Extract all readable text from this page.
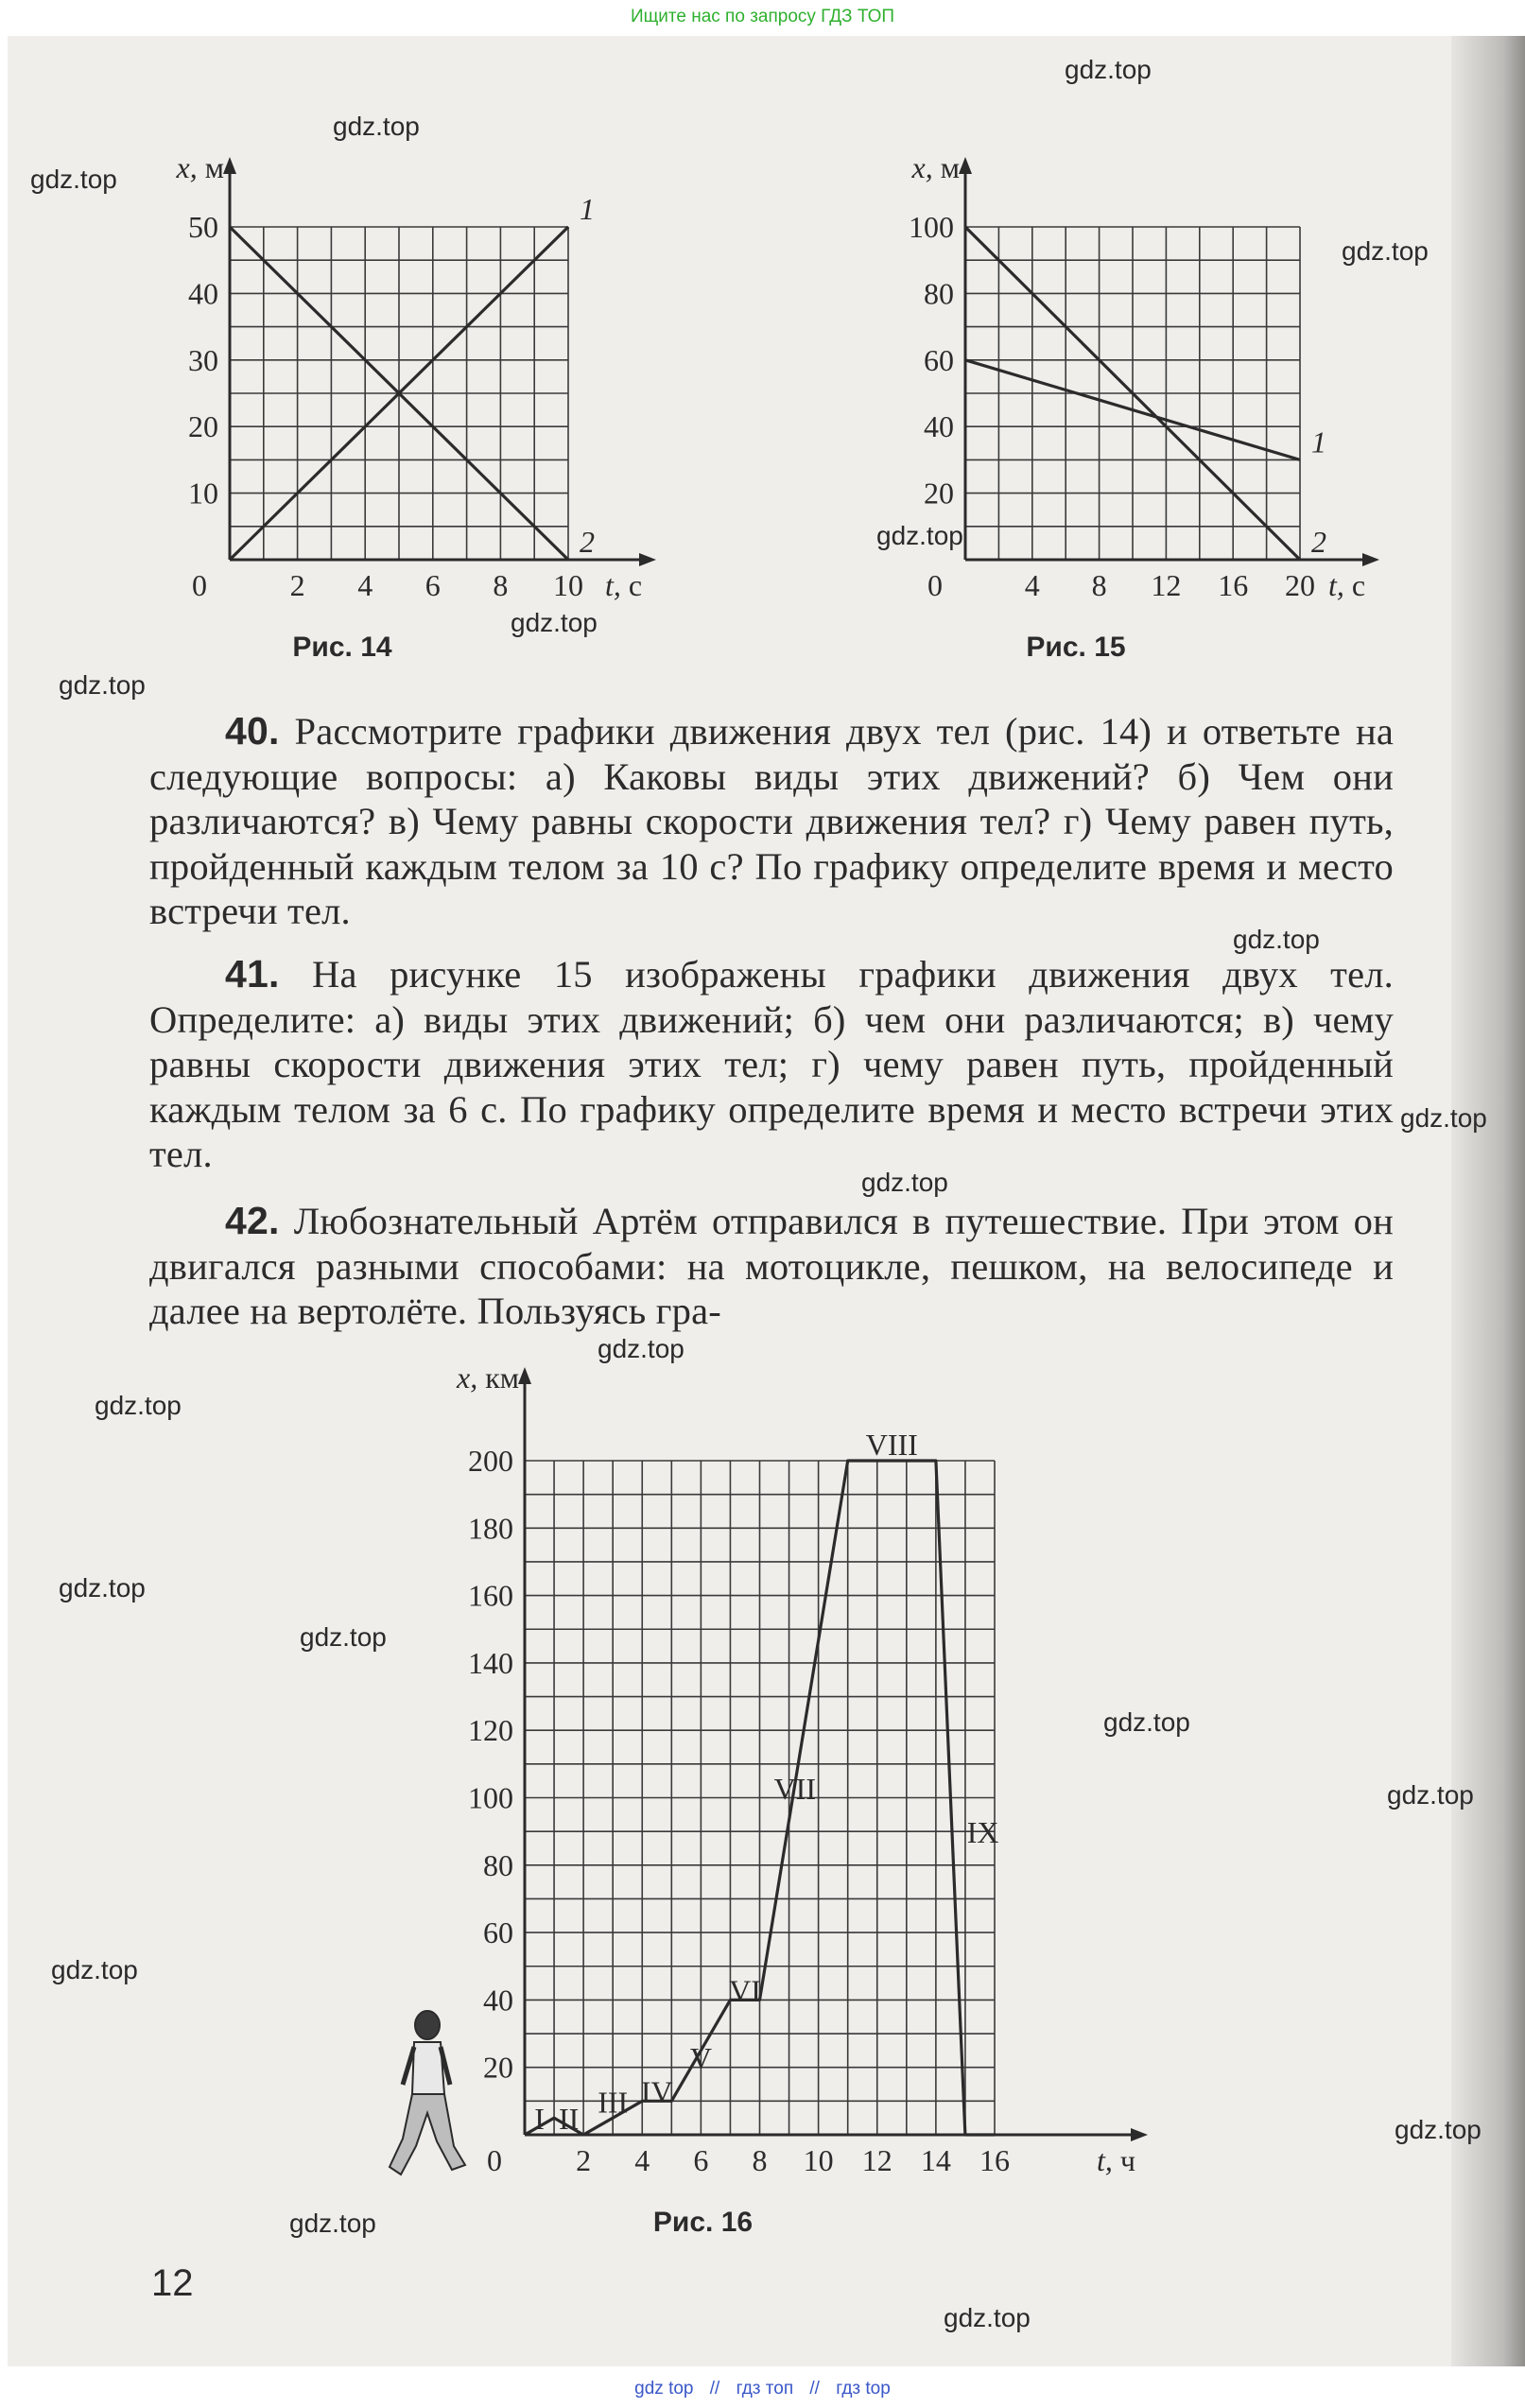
Ищите нас по запросу ГДЗ ТОП
2 4 6 8 10
10
20
30
40
50
0
x, м
t, с
Рис. 14
1
2
4 8 12 16 20
20
40
60
80
100
0
x, м
t, с
Рис. 15
1
2
2 4 6 8 10 12 14 16
20
40
60
80
100
120
140
160
180
200
0
x, км
t, ч
Рис. 16
I II III IV
V
VI
VII
VIII
IX
gdz.top
gdz.top
gdz.top
gdz.top
gdz.top
gdz.top
gdz.top
gdz.top
gdz.top
gdz.top
gdz.top
gdz.top
gdz.top
gdz.top
gdz.top
gdz.top
gdz.top
gdz.top
gdz.top
gdz.top
40. Рассмотрите графики движения двух тел (рис. 14) и ответьте на следующие вопросы: а) Каковы виды этих движений? б) Чем они различаются? в) Чему равны скорости движения тел? г) Чему равен путь, пройденный каждым телом за 10 с? По графику определите время и место встречи тел.
41. На рисунке 15 изображены графики движения двух тел. Определите: а) виды этих движений; б) чем они различаются; в) чему равны скорости движения этих тел; г) чему равен путь, пройденный каждым телом за 6 с. По графику определите время и место встречи этих тел.
42. Любознательный Артём отправился в путешествие. При этом он двигался разными способами: на мотоцикле, пешком, на велосипеде и далее на вертолёте. Пользуясь гра-
12
gdz top // гдз топ // гдз top
